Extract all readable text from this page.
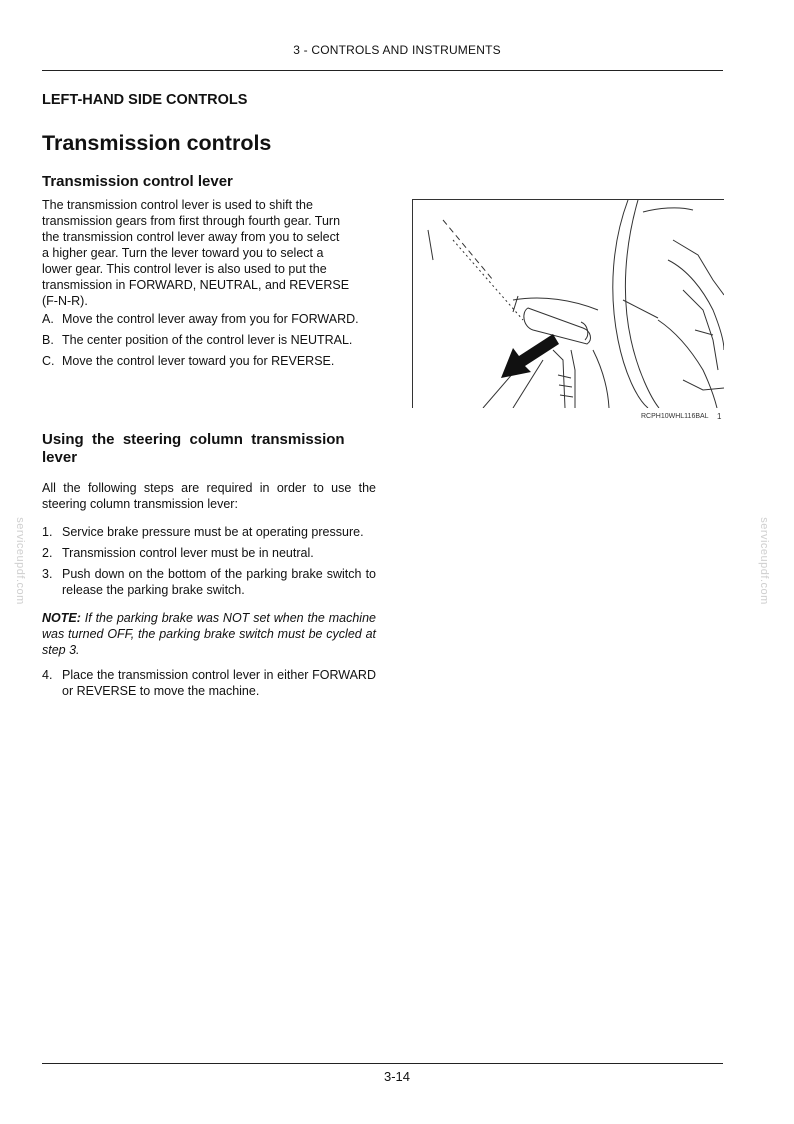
3 - CONTROLS AND INSTRUMENTS
LEFT-HAND SIDE CONTROLS
Transmission controls
Transmission control lever
The transmission control lever is used to shift the
transmission gears from first through fourth gear. Turn
the transmission control lever away from you to select
a higher gear. Turn the lever toward you to select a
lower gear. This control lever is also used to put the
transmission in FORWARD, NEUTRAL, and REVERSE
(F-N-R).
A. Move the control lever away from you for FORWARD.
B. The center position of the control lever is NEUTRAL.
C. Move the control lever toward you for REVERSE.
RCPH10WHL116BAL 1
Using  the  steering  column  transmission
lever

All the following steps are required in order to use the steering column transmission lever:

1. Service brake pressure must be at operating pressure.
2. Transmission control lever must be in neutral.
3. Push down on the bottom of the parking brake switch to release the parking brake switch.

NOTE: If the parking brake was NOT set when the machine was turned OFF, the parking brake switch must be cycled at step 3.

4. Place the transmission control lever in either FORWARD or REVERSE to move the machine.
serviceupdf.com	serviceupdf.com
3-14
